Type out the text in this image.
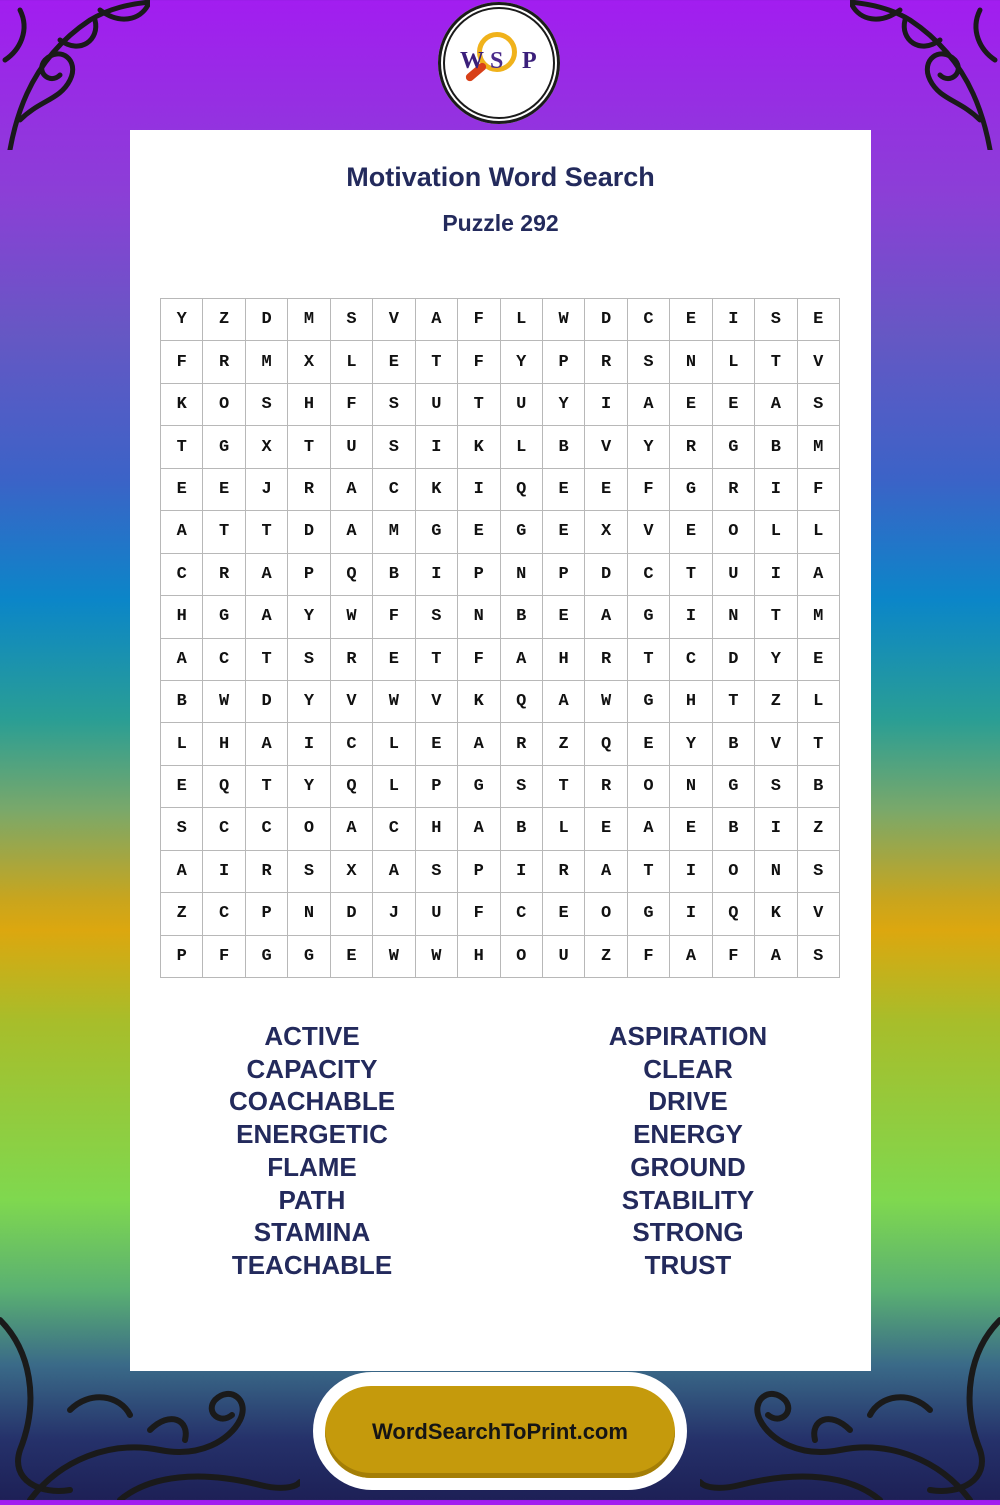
W S P
Motivation Word Search
Puzzle 292
Y	Z	D	M	S	V	A	F	L	W	D	C	E	I	S	E
F	R	M	X	L	E	T	F	Y	P	R	S	N	L	T	V
K	O	S	H	F	S	U	T	U	Y	I	A	E	E	A	S
T	G	X	T	U	S	I	K	L	B	V	Y	R	G	B	M
E	E	J	R	A	C	K	I	Q	E	E	F	G	R	I	F
A	T	T	D	A	M	G	E	G	E	X	V	E	O	L	L
C	R	A	P	Q	B	I	P	N	P	D	C	T	U	I	A
H	G	A	Y	W	F	S	N	B	E	A	G	I	N	T	M
A	C	T	S	R	E	T	F	A	H	R	T	C	D	Y	E
B	W	D	Y	V	W	V	K	Q	A	W	G	H	T	Z	L
L	H	A	I	C	L	E	A	R	Z	Q	E	Y	B	V	T
E	Q	T	Y	Q	L	P	G	S	T	R	O	N	G	S	B
S	C	C	O	A	C	H	A	B	L	E	A	E	B	I	Z
A	I	R	S	X	A	S	P	I	R	A	T	I	O	N	S
Z	C	P	N	D	J	U	F	C	E	O	G	I	Q	K	V
P	F	G	G	E	W	W	H	O	U	Z	F	A	F	A	S
ACTIVE
CAPACITY
COACHABLE
ENERGETIC
FLAME
PATH
STAMINA
TEACHABLE
ASPIRATION
CLEAR
DRIVE
ENERGY
GROUND
STABILITY
STRONG
TRUST
WordSearchToPrint.com
